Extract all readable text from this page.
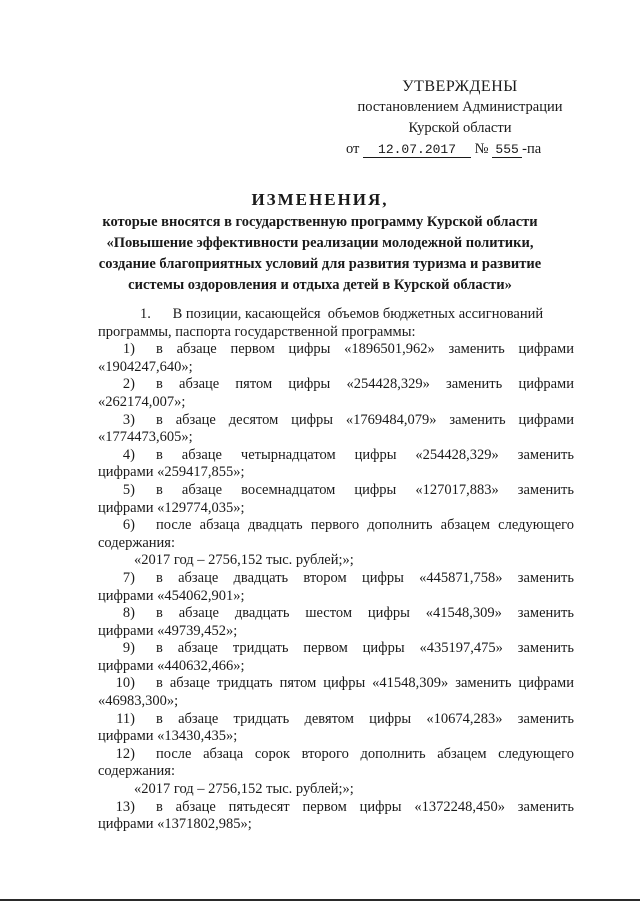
УТВЕРЖДЕНЫ
постановлением Администрации
Курской области
от 12.07.2017 № 555 -па
ИЗМЕНЕНИЯ,
которые вносятся в государственную программу Курской области
«Повышение эффективности реализации молодежной политики,
создание благоприятных условий для развития туризма и развитие
системы оздоровления и отдыха детей в Курской области»
1.      В позиции, касающейся  объемов бюджетных ассигнований
программы, паспорта государственной программы:
1)	в абзаце первом цифры «1896501,962» заменить цифрами
«1904247,640»;
2)	в абзаце пятом цифры «254428,329» заменить цифрами
«262174,007»;
3)	в абзаце десятом цифры «1769484,079» заменить цифрами
«1774473,605»;
4)	в абзаце четырнадцатом цифры «254428,329» заменить
цифрами «259417,855»;
5)	в абзаце восемнадцатом цифры «127017,883» заменить
цифрами «129774,035»;
6)	после абзаца двадцать первого дополнить абзацем следующего
содержания:
«2017 год – 2756,152 тыс. рублей;»;
7)	в абзаце двадцать втором цифры «445871,758» заменить
цифрами «454062,901»;
8)	в абзаце двадцать шестом цифры «41548,309» заменить
цифрами «49739,452»;
9)	в абзаце тридцать первом цифры «435197,475» заменить
цифрами «440632,466»;
10)	в абзаце тридцать пятом цифры «41548,309» заменить цифрами
«46983,300»;
11)	в абзаце тридцать девятом цифры «10674,283» заменить
цифрами «13430,435»;
12)	после абзаца сорок второго дополнить абзацем следующего
содержания:
«2017 год – 2756,152 тыс. рублей;»;
13)	в абзаце пятьдесят первом цифры «1372248,450» заменить
цифрами «1371802,985»;
